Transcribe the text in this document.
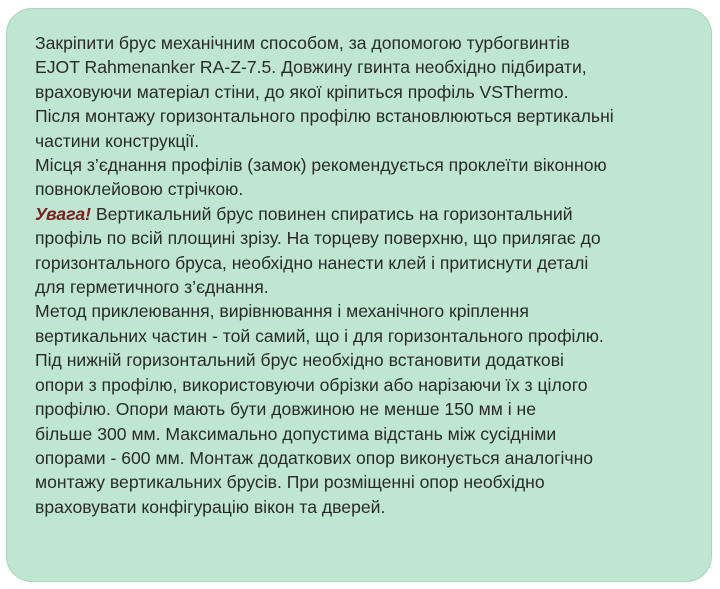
Закріпити брус механічним способом, за допомогою турбогвинтів

EJOT Rahmenanker RA-Z-7.5. Довжину гвинта необхідно підбирати,

враховуючи матеріал стіни, до якої кріпиться профіль VSThermo.

Після монтажу горизонтального профілю встановлюються вертикальні

частини конструкції.

Місця з’єднання профілів (замок) рекомендується проклеїти віконною

повноклейовою стрічкою.

Увага! Вертикальний брус повинен спиратись на горизонтальний

профіль по всій площині зрізу. На торцеву поверхню, що прилягає до

горизонтального бруса, необхідно нанести клей і притиснути деталі

для герметичного з’єднання.

Метод приклеювання, вирівнювання і механічного кріплення

вертикальних частин - той самий, що і для горизонтального профілю.

Під нижній горизонтальний брус необхідно встановити додаткові

опори з профілю, використовуючи обрізки або нарізаючи їх з цілого

профілю. Опори мають бути довжиною не менше 150 мм і не

більше 300 мм. Максимально допустима відстань між сусідніми

опорами - 600 мм. Монтаж додаткових опор виконується аналогічно

монтажу вертикальних брусів. При розміщенні опор необхідно

враховувати конфігурацію вікон та дверей.
